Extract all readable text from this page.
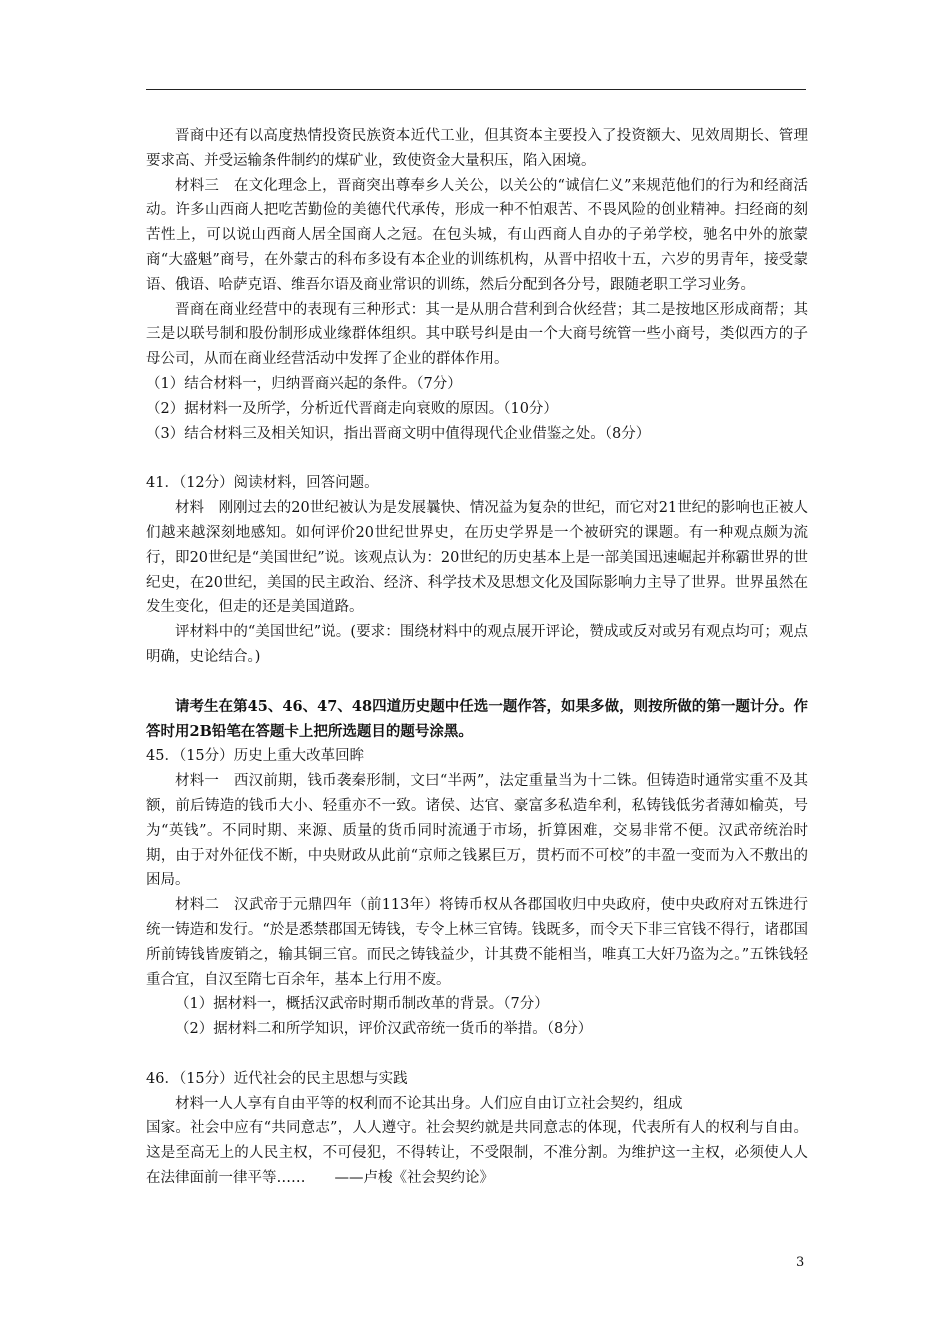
晋商中还有以高度热情投资民族资本近代工业，但其资本主要投入了投资额大、见效周期长、管理要求高、并受运输条件制约的煤矿业，致使资金大量积压，陷入困境。

材料三　在文化理念上，晋商突出尊奉乡人关公，以关公的“诚信仁义”来规范他们的行为和经商活动。许多山西商人把吃苦勤俭的美德代代承传，形成一种不怕艰苦、不畏风险的创业精神。扫经商的刻苦性上，可以说山西商人居全国商人之冠。在包头城，有山西商人自办的子弟学校，驰名中外的旅蒙商“大盛魁”商号，在外蒙古的科布多设有本企业的训练机构，从晋中招收十五，六岁的男青年，接受蒙语、俄语、哈萨克语、维吾尔语及商业常识的训练，然后分配到各分号，跟随老职工学习业务。

晋商在商业经营中的表现有三种形式：其一是从朋合营利到合伙经营；其二是按地区形成商帮；其三是以联号制和股份制形成业缘群体组织。其中联号纠是由一个大商号统管一些小商号，类似西方的子母公司，从而在商业经营活动中发挥了企业的群体作用。

（1）结合材料一，归纳晋商兴起的条件。（7分）

（2）据材料一及所学，分析近代晋商走向衰败的原因。（10分）

（3）结合材料三及相关知识，指出晋商文明中值得现代企业借鉴之处。（8分）

41．（12分）阅读材料，回答问题。

材料　刚刚过去的20世纪被认为是发展曩快、情况益为复杂的世纪，而它对21世纪的影响也正被人们越来越深刻地感知。如何评价20世纪世界史，在历史学界是一个被研究的课题。有一种观点颇为流行，即20世纪是“美国世纪”说。该观点认为：20世纪的历史基本上是一部美国迅速崛起并称霸世界的世纪史，在20世纪，美国的民主政治、经济、科学技术及思想文化及国际影响力主导了世界。世界虽然在发生变化，但走的还是美国道路。

评材料中的“美国世纪”说。(要求：围绕材料中的观点展开评论，赞成或反对或另有观点均可；观点明确，史论结合。)

请考生在第45、46、47、48四道历史题中任选一题作答，如果多做，则按所做的第一题计分。作答时用2B铅笔在答题卡上把所选题目的题号涂黑。

45．（15分）历史上重大改革回眸

材料一　西汉前期，钱币袭秦形制，文曰“半两”，法定重量当为十二铢。但铸造时通常实重不及其额，前后铸造的钱币大小、轻重亦不一致。诸侯、达官、豪富多私造牟利，私铸钱低劣者薄如榆英，号为“英钱”。不同时期、来源、质量的货币同时流通于市场，折算困难，交易非常不便。汉武帝统治时期，由于对外征伐不断，中央财政从此前“京师之钱累巨万，贯朽而不可校”的丰盈一变而为入不敷出的困局。

材料二　汉武帝于元鼎四年（前113年）将铸币权从各郡国收归中央政府，使中央政府对五铢进行统一铸造和发行。“於是悉禁郡国无铸钱，专令上林三官铸。钱既多，而令天下非三官钱不得行，诸郡国所前铸钱皆废销之，输其铜三官。而民之铸钱益少，计其费不能相当，唯真工大奸乃盗为之。”五铢钱轻重合宜，自汉至隋七百余年，基本上行用不废。

（1）据材料一，概括汉武帝时期币制改革的背景。（7分）

（2）据材料二和所学知识，评价汉武帝统一货币的举措。（8分）

46．（15分）近代社会的民主思想与实践

材料一人人享有自由平等的权利而不论其出身。人们应自由订立社会契约，组成

国家。社会中应有“共同意志”，人人遵守。社会契约就是共同意志的体现，代表所有人的权利与自由。这是至高无上的人民主权，不可侵犯，不得转让，不受限制，不准分割。为维护这一主权，必须使人人在法律面前一律平等……　　——卢梭《社会契约论》

3
